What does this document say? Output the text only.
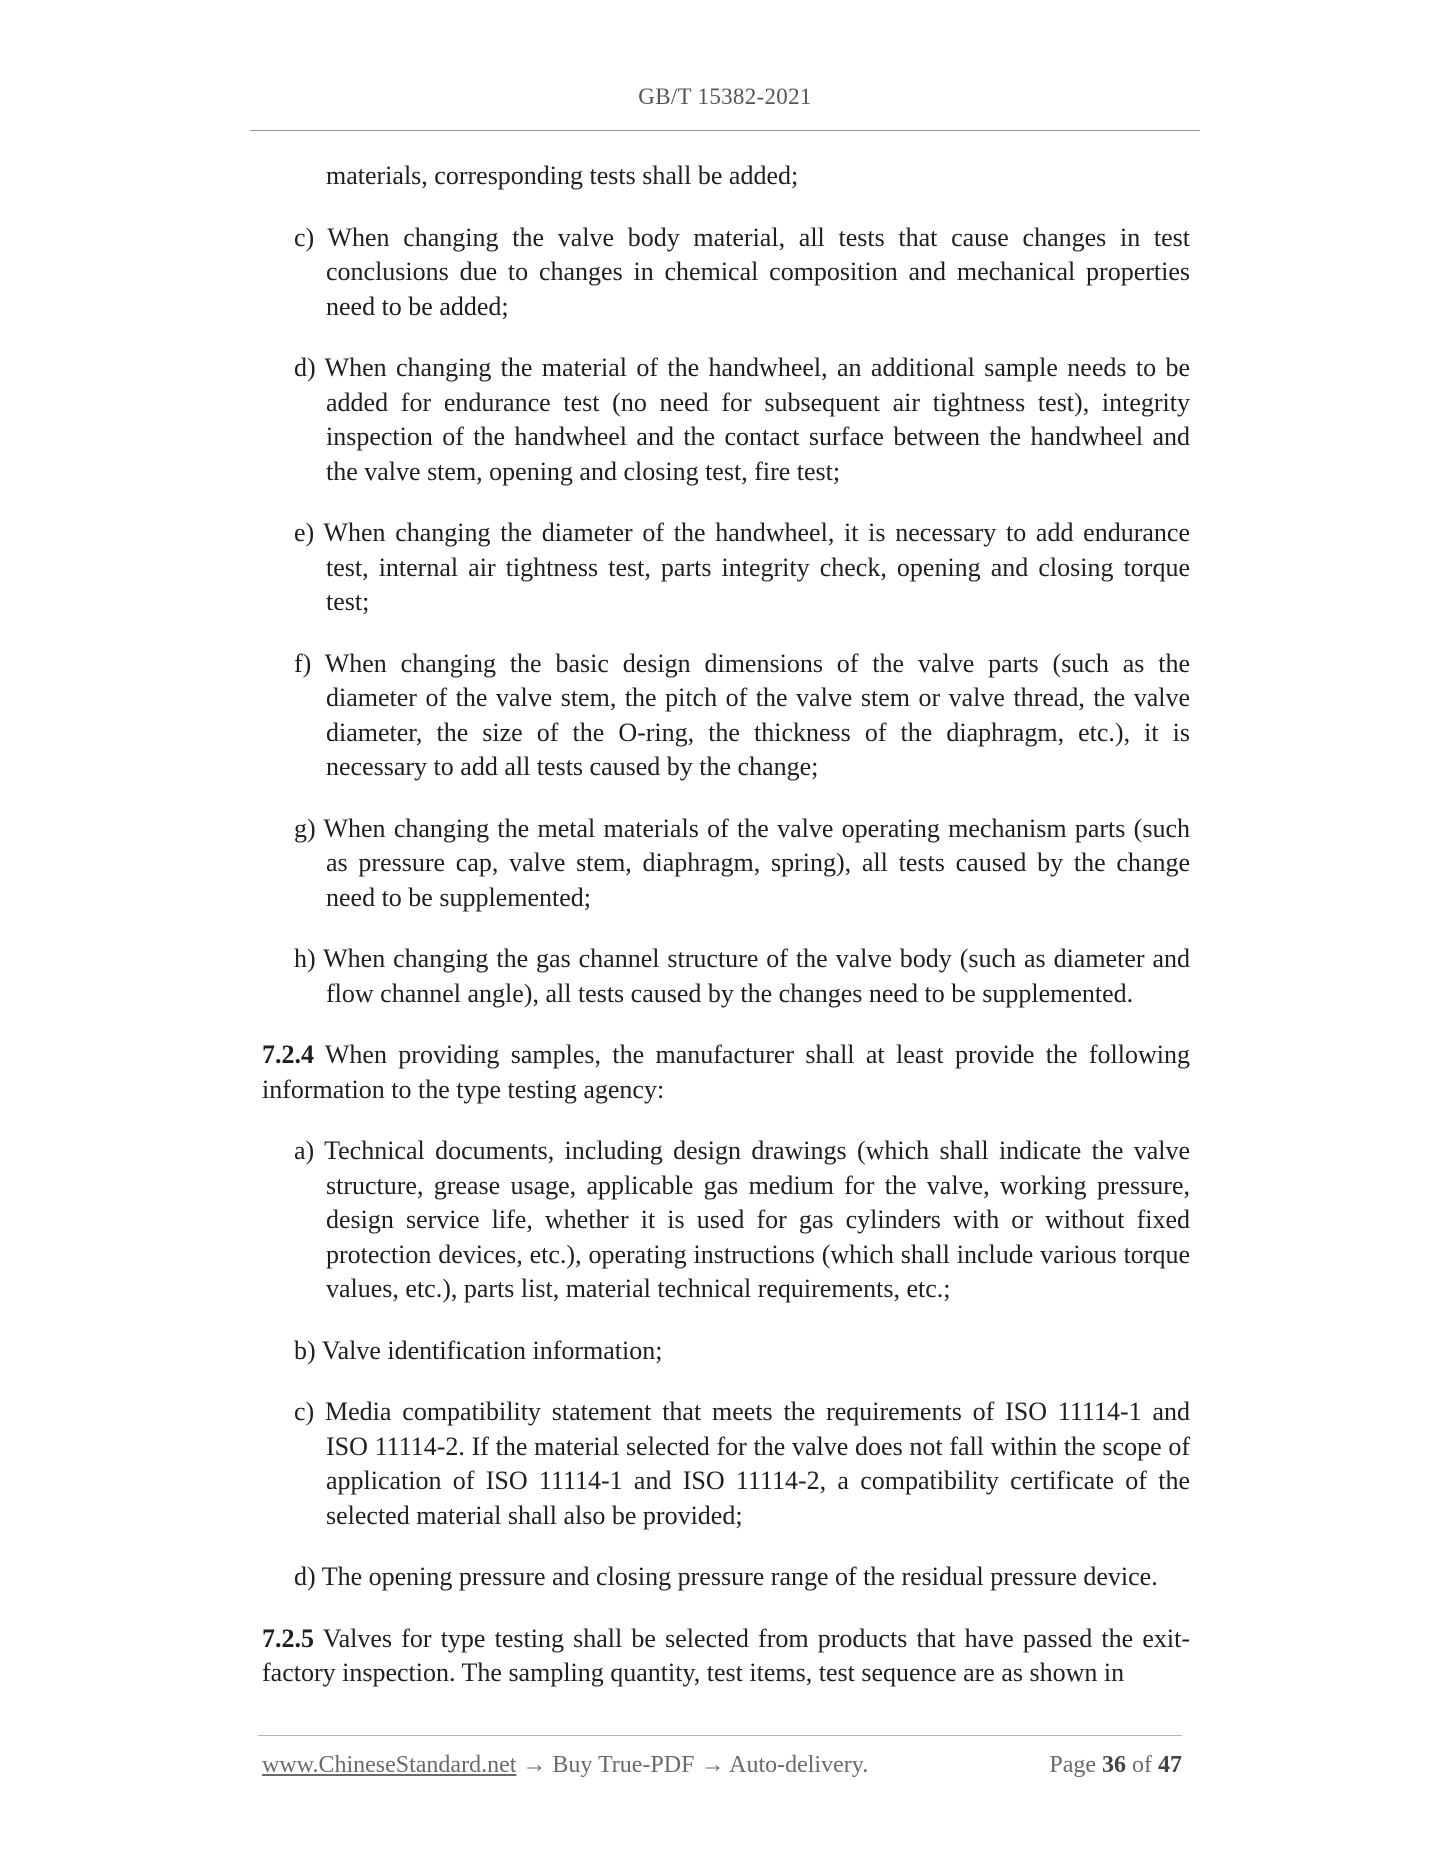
GB/T 15382-2021

materials, corresponding tests shall be added;

c) When changing the valve body material, all tests that cause changes in test conclusions due to changes in chemical composition and mechanical properties need to be added;

d) When changing the material of the handwheel, an additional sample needs to be added for endurance test (no need for subsequent air tightness test), integrity inspection of the handwheel and the contact surface between the handwheel and the valve stem, opening and closing test, fire test;

e) When changing the diameter of the handwheel, it is necessary to add endurance test, internal air tightness test, parts integrity check, opening and closing torque test;

f) When changing the basic design dimensions of the valve parts (such as the diameter of the valve stem, the pitch of the valve stem or valve thread, the valve diameter, the size of the O-ring, the thickness of the diaphragm, etc.), it is necessary to add all tests caused by the change;

g) When changing the metal materials of the valve operating mechanism parts (such as pressure cap, valve stem, diaphragm, spring), all tests caused by the change need to be supplemented;

h) When changing the gas channel structure of the valve body (such as diameter and flow channel angle), all tests caused by the changes need to be supplemented.

7.2.4 When providing samples, the manufacturer shall at least provide the following information to the type testing agency:

a) Technical documents, including design drawings (which shall indicate the valve structure, grease usage, applicable gas medium for the valve, working pressure, design service life, whether it is used for gas cylinders with or without fixed protection devices, etc.), operating instructions (which shall include various torque values, etc.), parts list, material technical requirements, etc.;

b) Valve identification information;

c) Media compatibility statement that meets the requirements of ISO 11114-1 and ISO 11114-2. If the material selected for the valve does not fall within the scope of application of ISO 11114-1 and ISO 11114-2, a compatibility certificate of the selected material shall also be provided;

d) The opening pressure and closing pressure range of the residual pressure device.

7.2.5 Valves for type testing shall be selected from products that have passed the exit-factory inspection. The sampling quantity, test items, test sequence are as shown in

www.ChineseStandard.net → Buy True-PDF → Auto-delivery.	Page 36 of 47
